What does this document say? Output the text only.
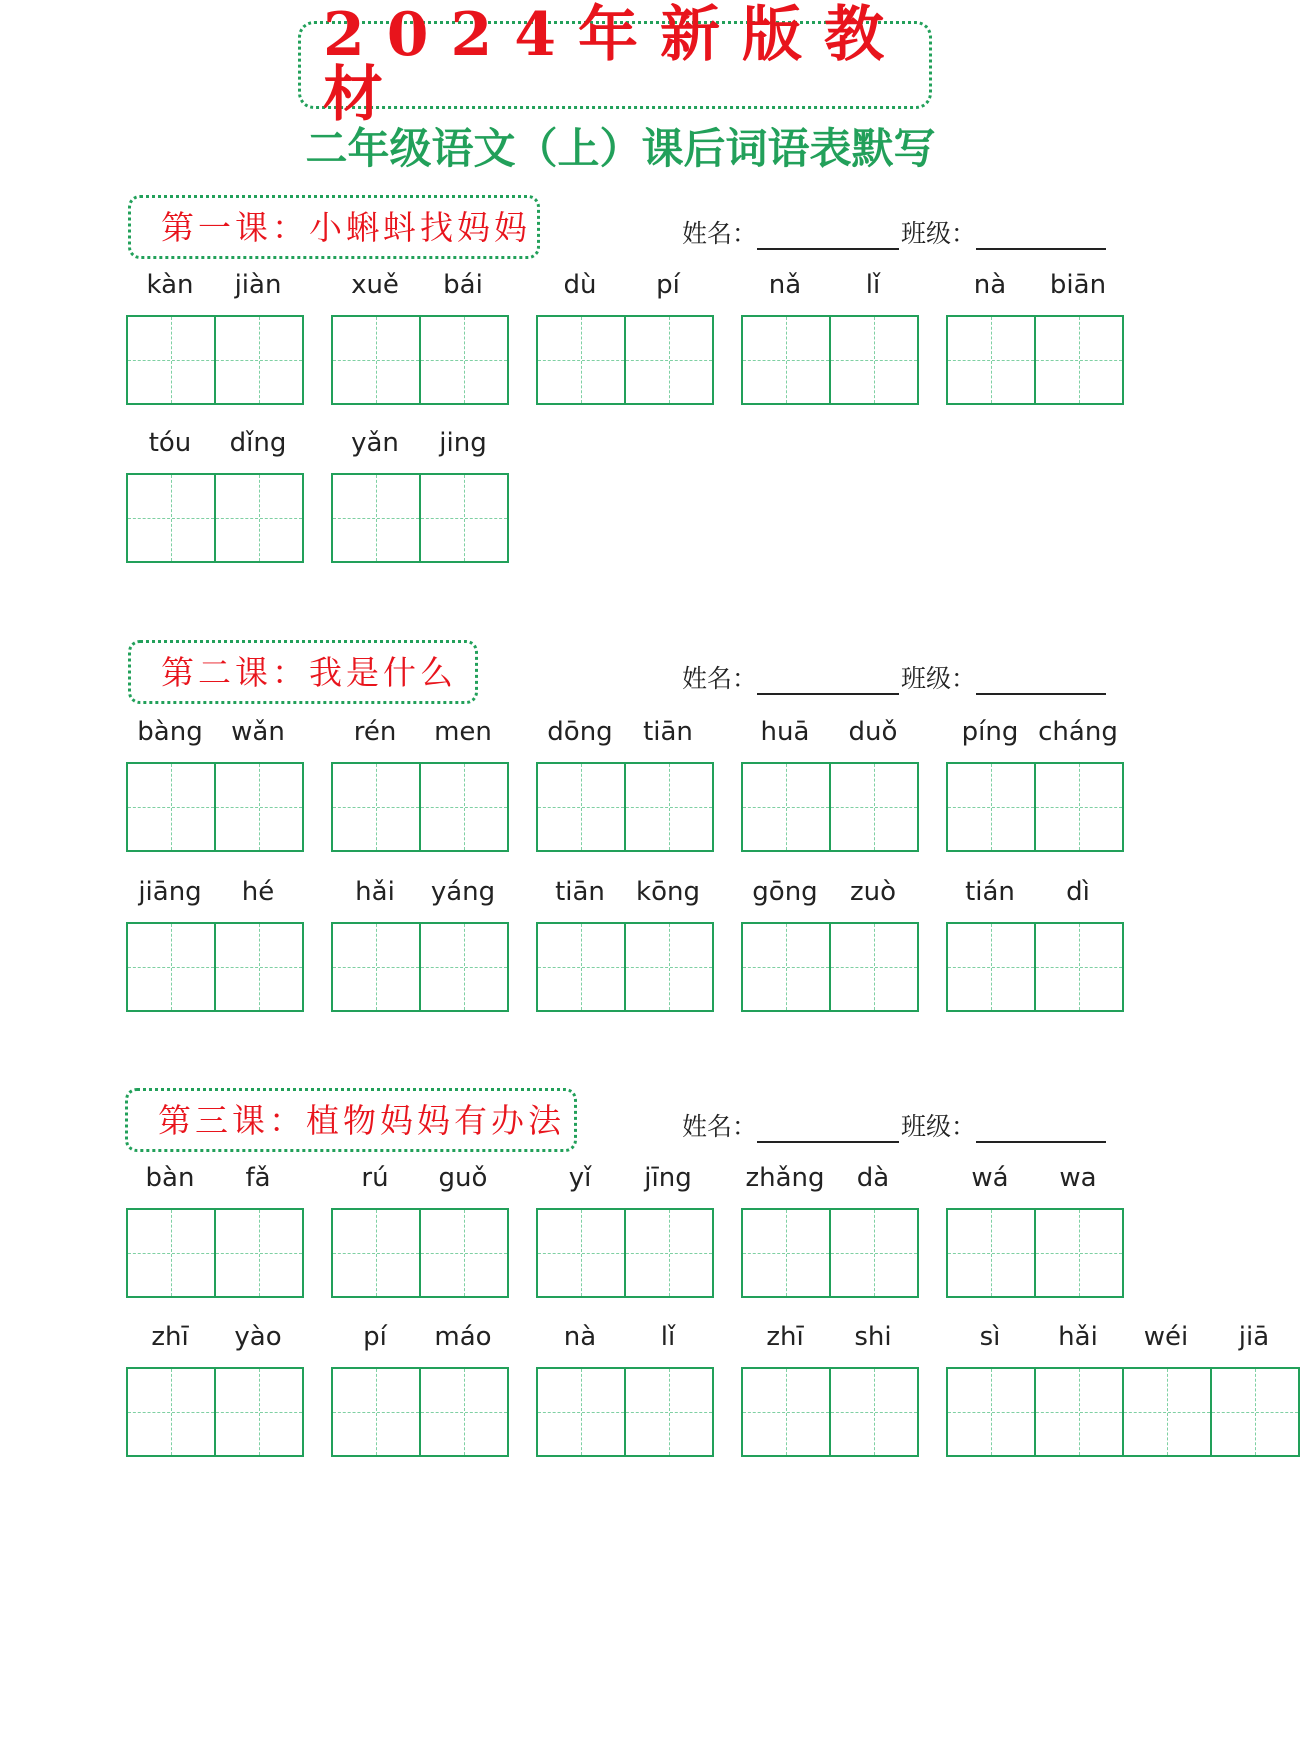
2024年新版教材
二年级语文（上）课后词语表默写
第一课：小蝌蚪找妈妈	姓名：	班级：
第二课：我是什么	姓名：	班级：
第三课：植物妈妈有办法	姓名：	班级：
kàn	jiàn	xuě	bái	dù	pí	nǎ	lǐ	nà	biān
tóu	dǐng	yǎn	jing
bàng	wǎn	rén	men	dōng	tiān	huā	duǒ	píng cháng
jiāng	hé	hǎi	yáng	tiān	kōng	gōng	zuò	tián	dì
bàn	fǎ	rú	guǒ	yǐ	jīng	zhǎng	dà	wá	wa
zhī	yào	pí	máo	nà	lǐ	zhī	shi	sì	hǎi	wéi	jiā
